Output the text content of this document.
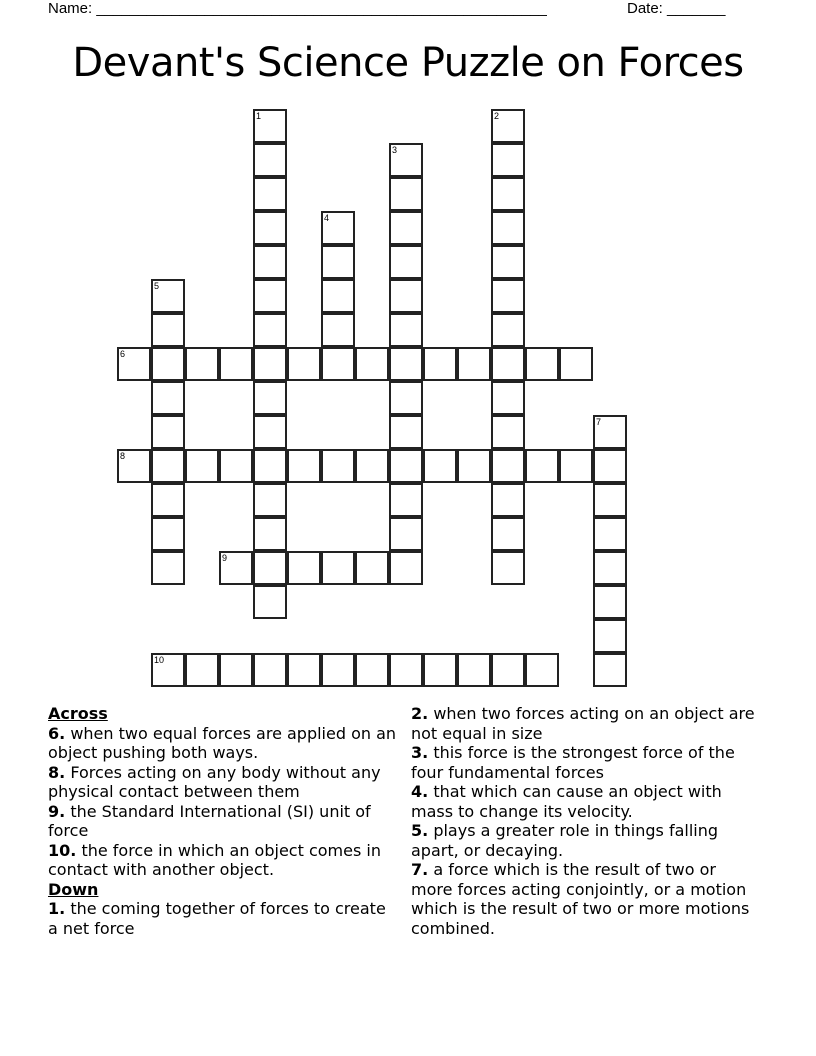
Name: ______________________________________________________	Date: _______
Devant's Science Puzzle on Forces
1	2
3
4
5
6
7
8
9
10
Across
6. when two equal forces are applied on an object pushing both ways.
8. Forces acting on any body without any physical contact between them
9. the Standard International (SI) unit of force
10. the force in which an object comes in contact with another object.
Down
1. the coming together of forces to create a net force
2. when two forces acting on an object are not equal in size
3. this force is the strongest force of the four fundamental forces
4. that which can cause an object with mass to change its velocity.
5. plays a greater role in things falling apart, or decaying.
7. a force which is the result of two or more forces acting conjointly, or a motion which is the result of two or more motions combined.
